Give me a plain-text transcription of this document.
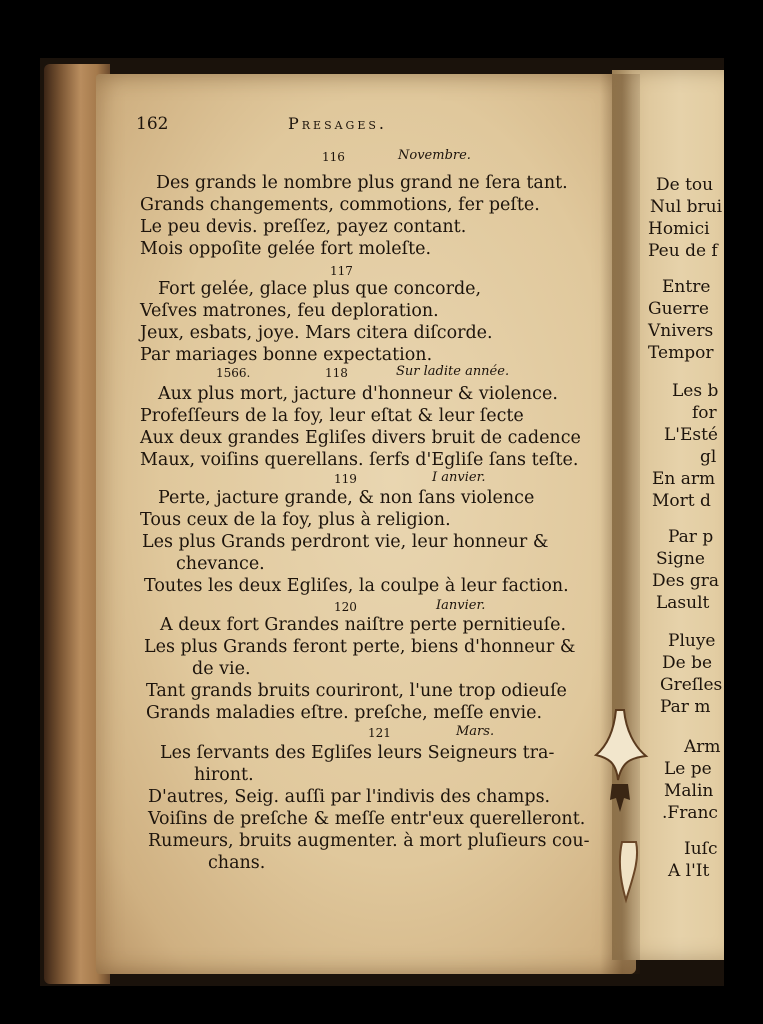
De tou
Nul brui
Homici
Peu de f
Entre
Guerre
Vnivers
Tempor
Les b
for
L'Esté
gl
En arm
Mort d
Par p
Signe
Des gra
Lasult
Pluye
De be
Greſles
Par m
Arm
Le pe
Malin
.Franc
Iuſc
A l'It
162	Presages.
116	Novembre.
Des grands le nombre plus grand ne ſera tant.
Grands changements, commotions, fer peſte.
Le peu devis. preſſez, payez contant.
Mois oppoſite gelée fort moleſte.
117
Fort gelée, glace plus que concorde,
Veſves matrones, feu deploration.
Jeux, esbats, joye. Mars citera diſcorde.
Par mariages bonne expectation.
1566.	118	Sur ladite année.
Aux plus mort, jacture d'honneur & violence.
Profeſſeurs de la foy, leur eſtat & leur ſecte
Aux deux grandes Egliſes divers bruit de cadence
Maux, voiſins querellans. ſerfs d'Egliſe ſans teſte.
119	I anvier.
Perte, jacture grande, & non ſans violence
Tous ceux de la foy, plus à religion.
Les plus Grands perdront vie, leur honneur &
chevance.
Toutes les deux Egliſes, la coulpe à leur faction.
120	Ianvier.
A deux fort Grandes naiſtre perte pernitieuſe.
Les plus Grands feront perte, biens d'honneur &
de vie.
Tant grands bruits couriront, l'une trop odieuſe
Grands maladies eſtre. preſche, meſſe envie.
121	Mars.
Les ſervants des Egliſes leurs Seigneurs tra-
hiront.
D'autres, Seig. auſſi par l'indivis des champs.
Voiſins de preſche & meſſe entr'eux querelleront.
Rumeurs, bruits augmenter. à mort pluſieurs cou-
chans.
